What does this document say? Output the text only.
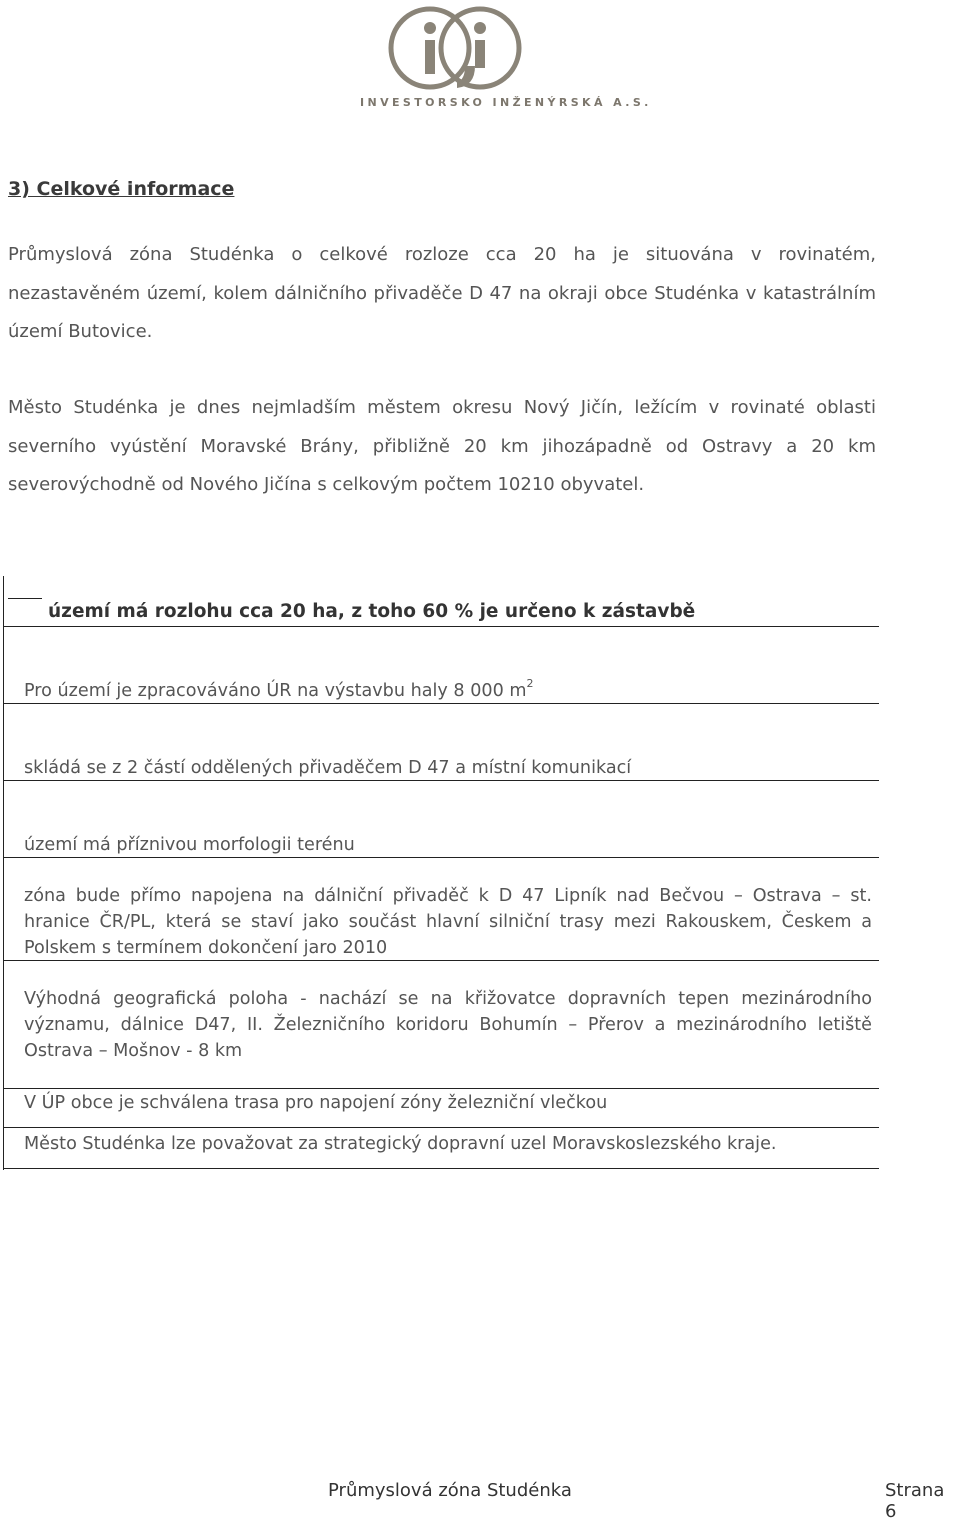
INVESTORSKO INŽENÝRSKÁ A.S.
3) Celkové informace

Průmyslová zóna Studénka o celkové rozloze cca 20 ha je situována v rovinatém, nezastavěném území, kolem dálničního přivaděče D 47 na okraji obce Studénka v katastrálním území Butovice.

Město Studénka je dnes nejmladším městem okresu Nový Jičín, ležícím v rovinaté oblasti severního vyústění Moravské Brány, přibližně 20 km jihozápadně od Ostravy a 20 km severovýchodně od Nového Jičína s celkovým počtem 10210 obyvatel.

území má rozlohu cca 20 ha, z toho 60 % je určeno k zástavbě

Pro území je zpracováváno ÚR na výstavbu haly 8 000 $m^2$

skládá se z 2 částí oddělených přivaděčem D 47 a místní komunikací

území má příznivou morfologii terénu

zóna bude přímo napojena na dálniční přivaděč k D 47 Lipník nad Bečvou – Ostrava – st. hranice ČR/PL, která se staví jako součást hlavní silniční trasy mezi Rakouskem, Českem a Polskem s termínem dokončení jaro 2010

Výhodná geografická poloha - nachází se na křižovatce dopravních tepen mezinárodního významu, dálnice D47, II. Železničního koridoru Bohumín – Přerov a mezinárodního letiště Ostrava – Mošnov - 8 km

V ÚP obce je schválena trasa pro napojení zóny železniční vlečkou

Město Studénka lze považovat za strategický dopravní uzel Moravskoslezského kraje.

Průmyslová zóna Studénka	Strana 6
